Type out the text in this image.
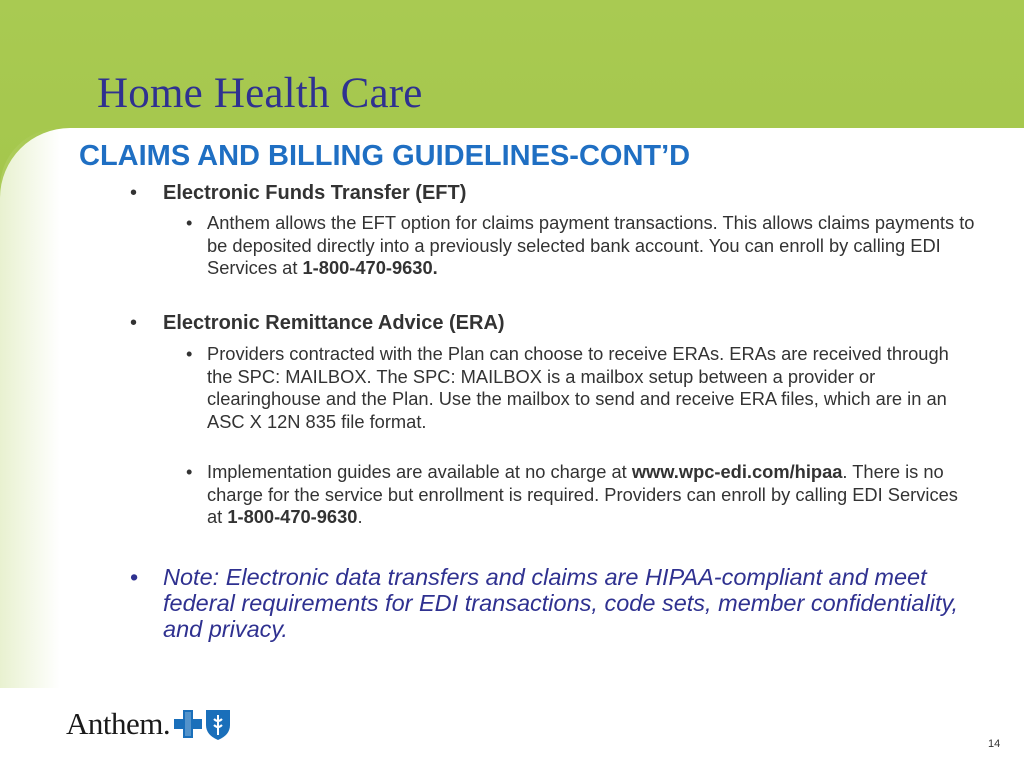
Home Health Care
CLAIMS AND BILLING GUIDELINES-CONT’D
• Electronic Funds Transfer (EFT)
• Anthem allows the EFT option for claims payment transactions. This allows claims payments to be deposited directly into a previously selected bank account. You can enroll by calling EDI Services at 1-800-470-9630.
• Electronic Remittance Advice (ERA)
• Providers contracted with the Plan can choose to receive ERAs. ERAs are received through the SPC: MAILBOX. The SPC: MAILBOX is a mailbox setup between a provider or clearinghouse and the Plan. Use the mailbox to send and receive ERA files, which are in an ASC X 12N 835 file format.
• Implementation guides are available at no charge at www.wpc-edi.com/hipaa. There is no charge for the service but enrollment is required. Providers can enroll by calling EDI Services at 1-800-470-9630.
• Note: Electronic data transfers and claims are HIPAA-compliant and meet federal requirements for EDI transactions, code sets, member confidentiality, and privacy.
Anthem.
14
